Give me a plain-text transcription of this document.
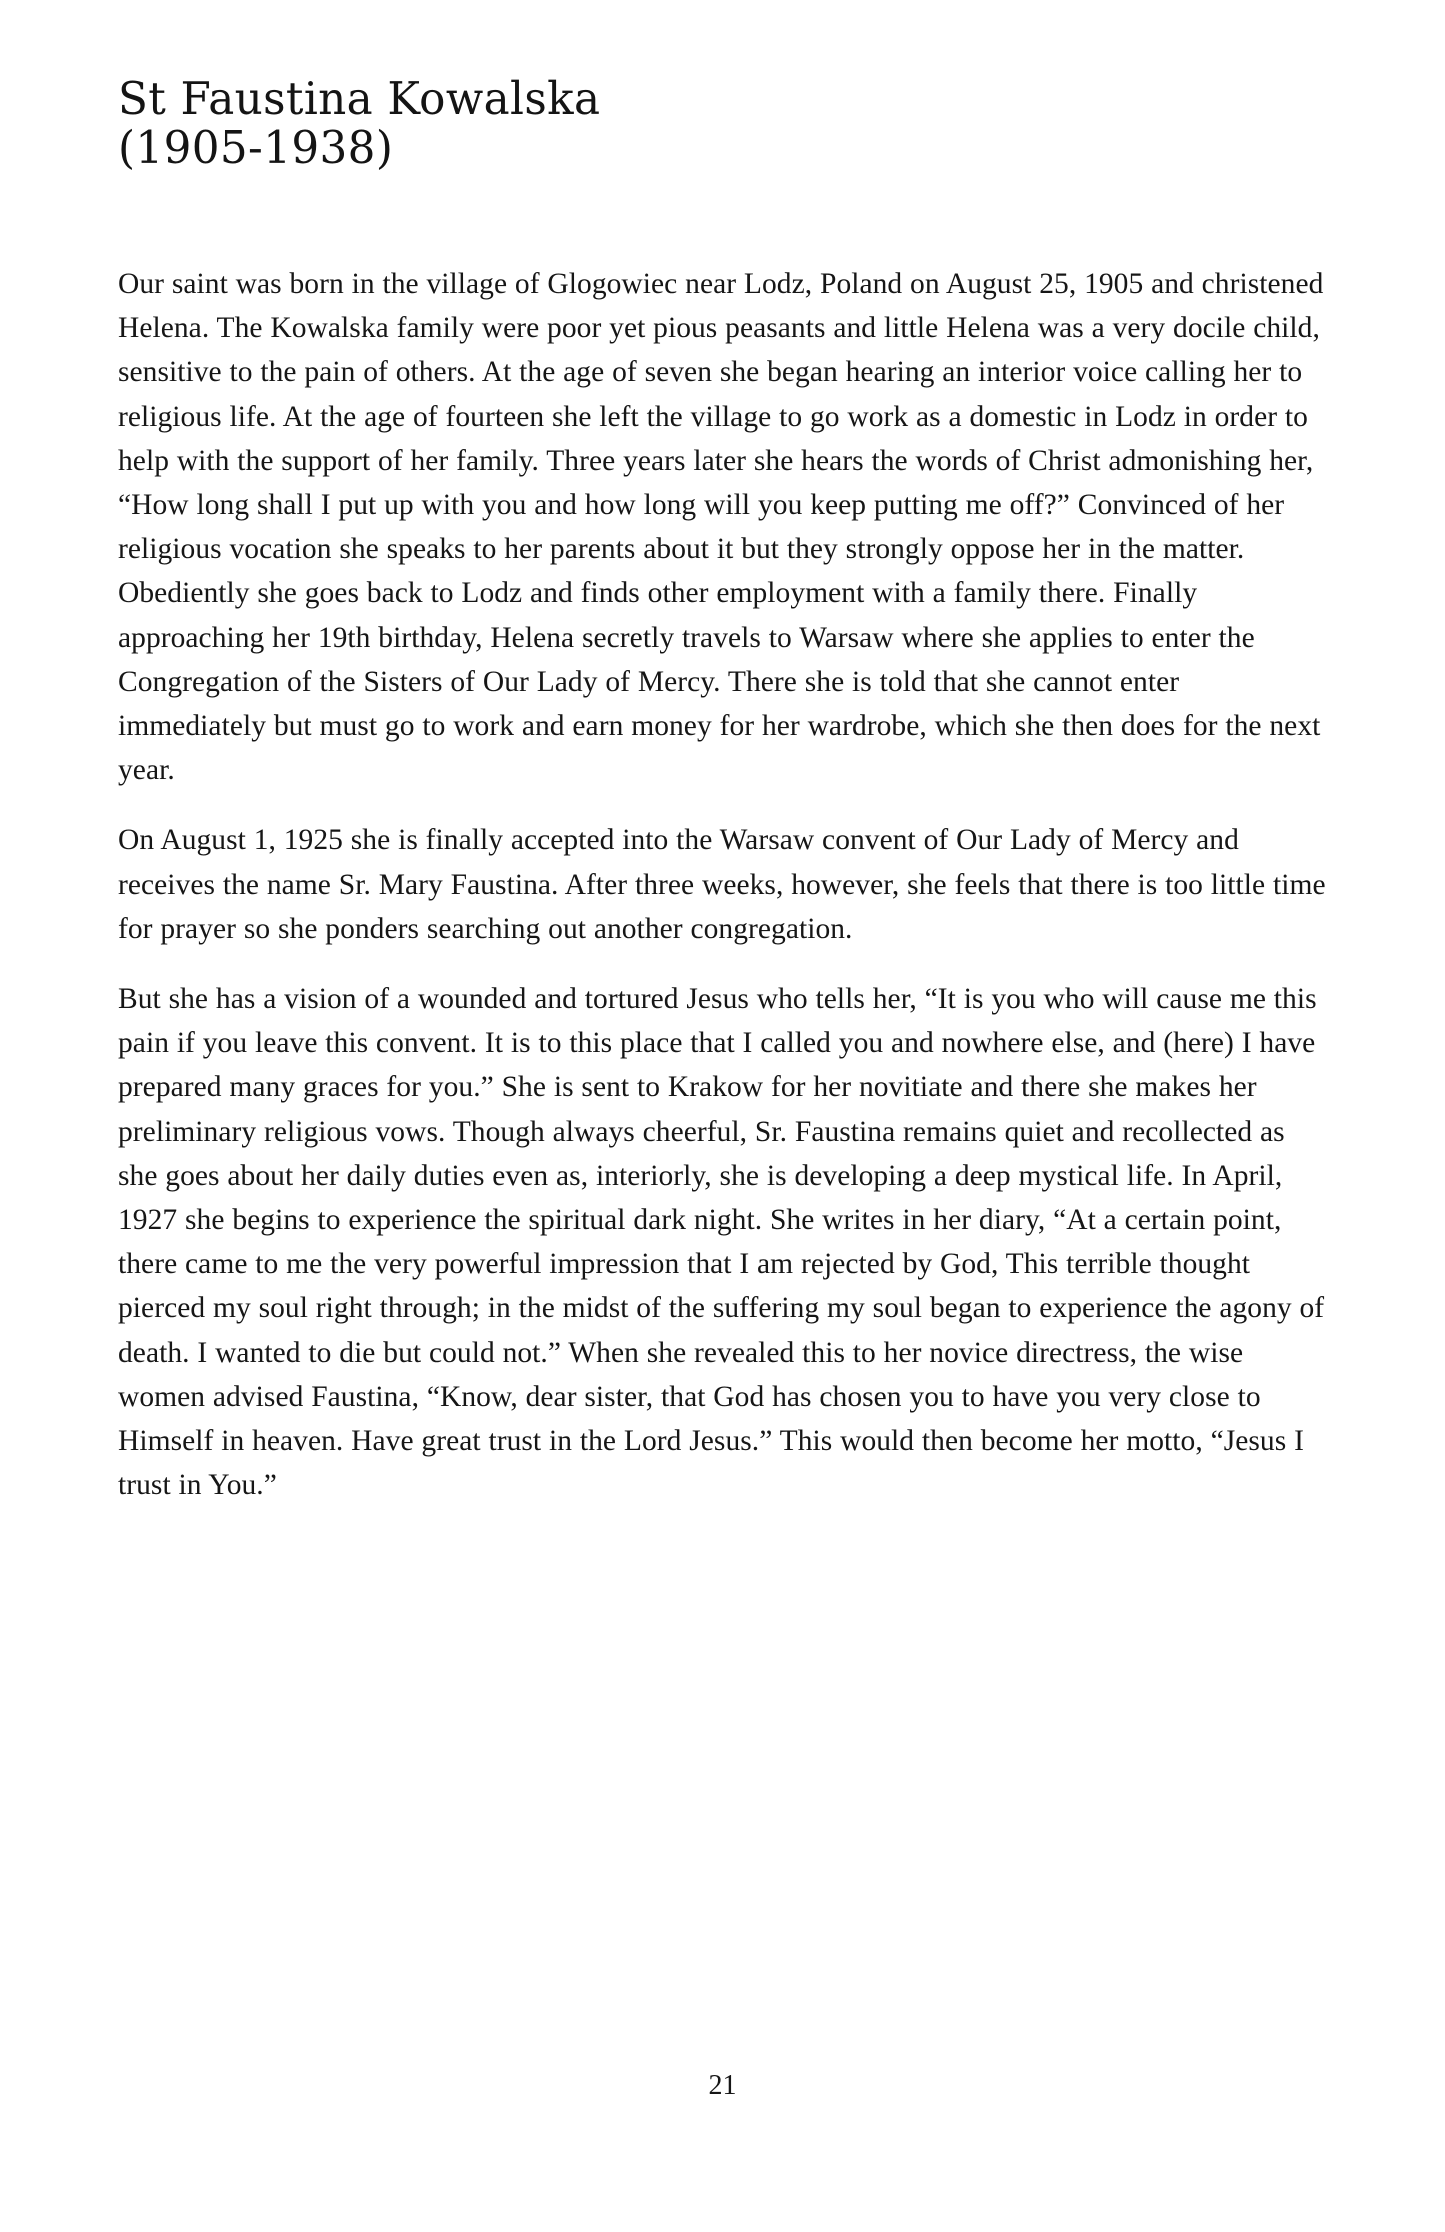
St Faustina Kowalska
(1905-1938)

Our saint was born in the village of Glogowiec near Lodz, Poland on August 25, 1905 and christened Helena. The Kowalska family were poor yet pious peasants and little Helena was a very docile child, sensitive to the pain of others. At the age of seven she began hearing an interior voice calling her to religious life. At the age of fourteen she left the village to go work as a domestic in Lodz in order to help with the support of her family. Three years later she hears the words of Christ admonishing her, “How long shall I put up with you and how long will you keep putting me off?” Convinced of her religious vocation she speaks to her parents about it but they strongly oppose her in the matter. Obediently she goes back to Lodz and finds other employment with a family there. Finally approaching her 19th birthday, Helena secretly travels to Warsaw where she applies to enter the Congregation of the Sisters of Our Lady of Mercy. There she is told that she cannot enter immediately but must go to work and earn money for her wardrobe, which she then does for the next year.

On August 1, 1925 she is finally accepted into the Warsaw convent of Our Lady of Mercy and receives the name Sr. Mary Faustina. After three weeks, however, she feels that there is too little time for prayer so she ponders searching out another congregation.

But she has a vision of a wounded and tortured Jesus who tells her, “It is you who will cause me this pain if you leave this convent. It is to this place that I called you and nowhere else, and (here) I have prepared many graces for you.” She is sent to Krakow for her novitiate and there she makes her preliminary religious vows. Though always cheerful, Sr. Faustina remains quiet and recollected as she goes about her daily duties even as, interiorly, she is developing a deep mystical life. In April, 1927 she begins to experience the spiritual dark night. She writes in her diary, “At a certain point, there came to me the very powerful impression that I am rejected by God, This terrible thought pierced my soul right through; in the midst of the suffering my soul began to experience the agony of death. I wanted to die but could not.” When she revealed this to her novice directress, the wise women advised Faustina, “Know, dear sister, that God has chosen you to have you very close to Himself in heaven. Have great trust in the Lord Jesus.” This would then become her motto, “Jesus I trust in You.”

21
